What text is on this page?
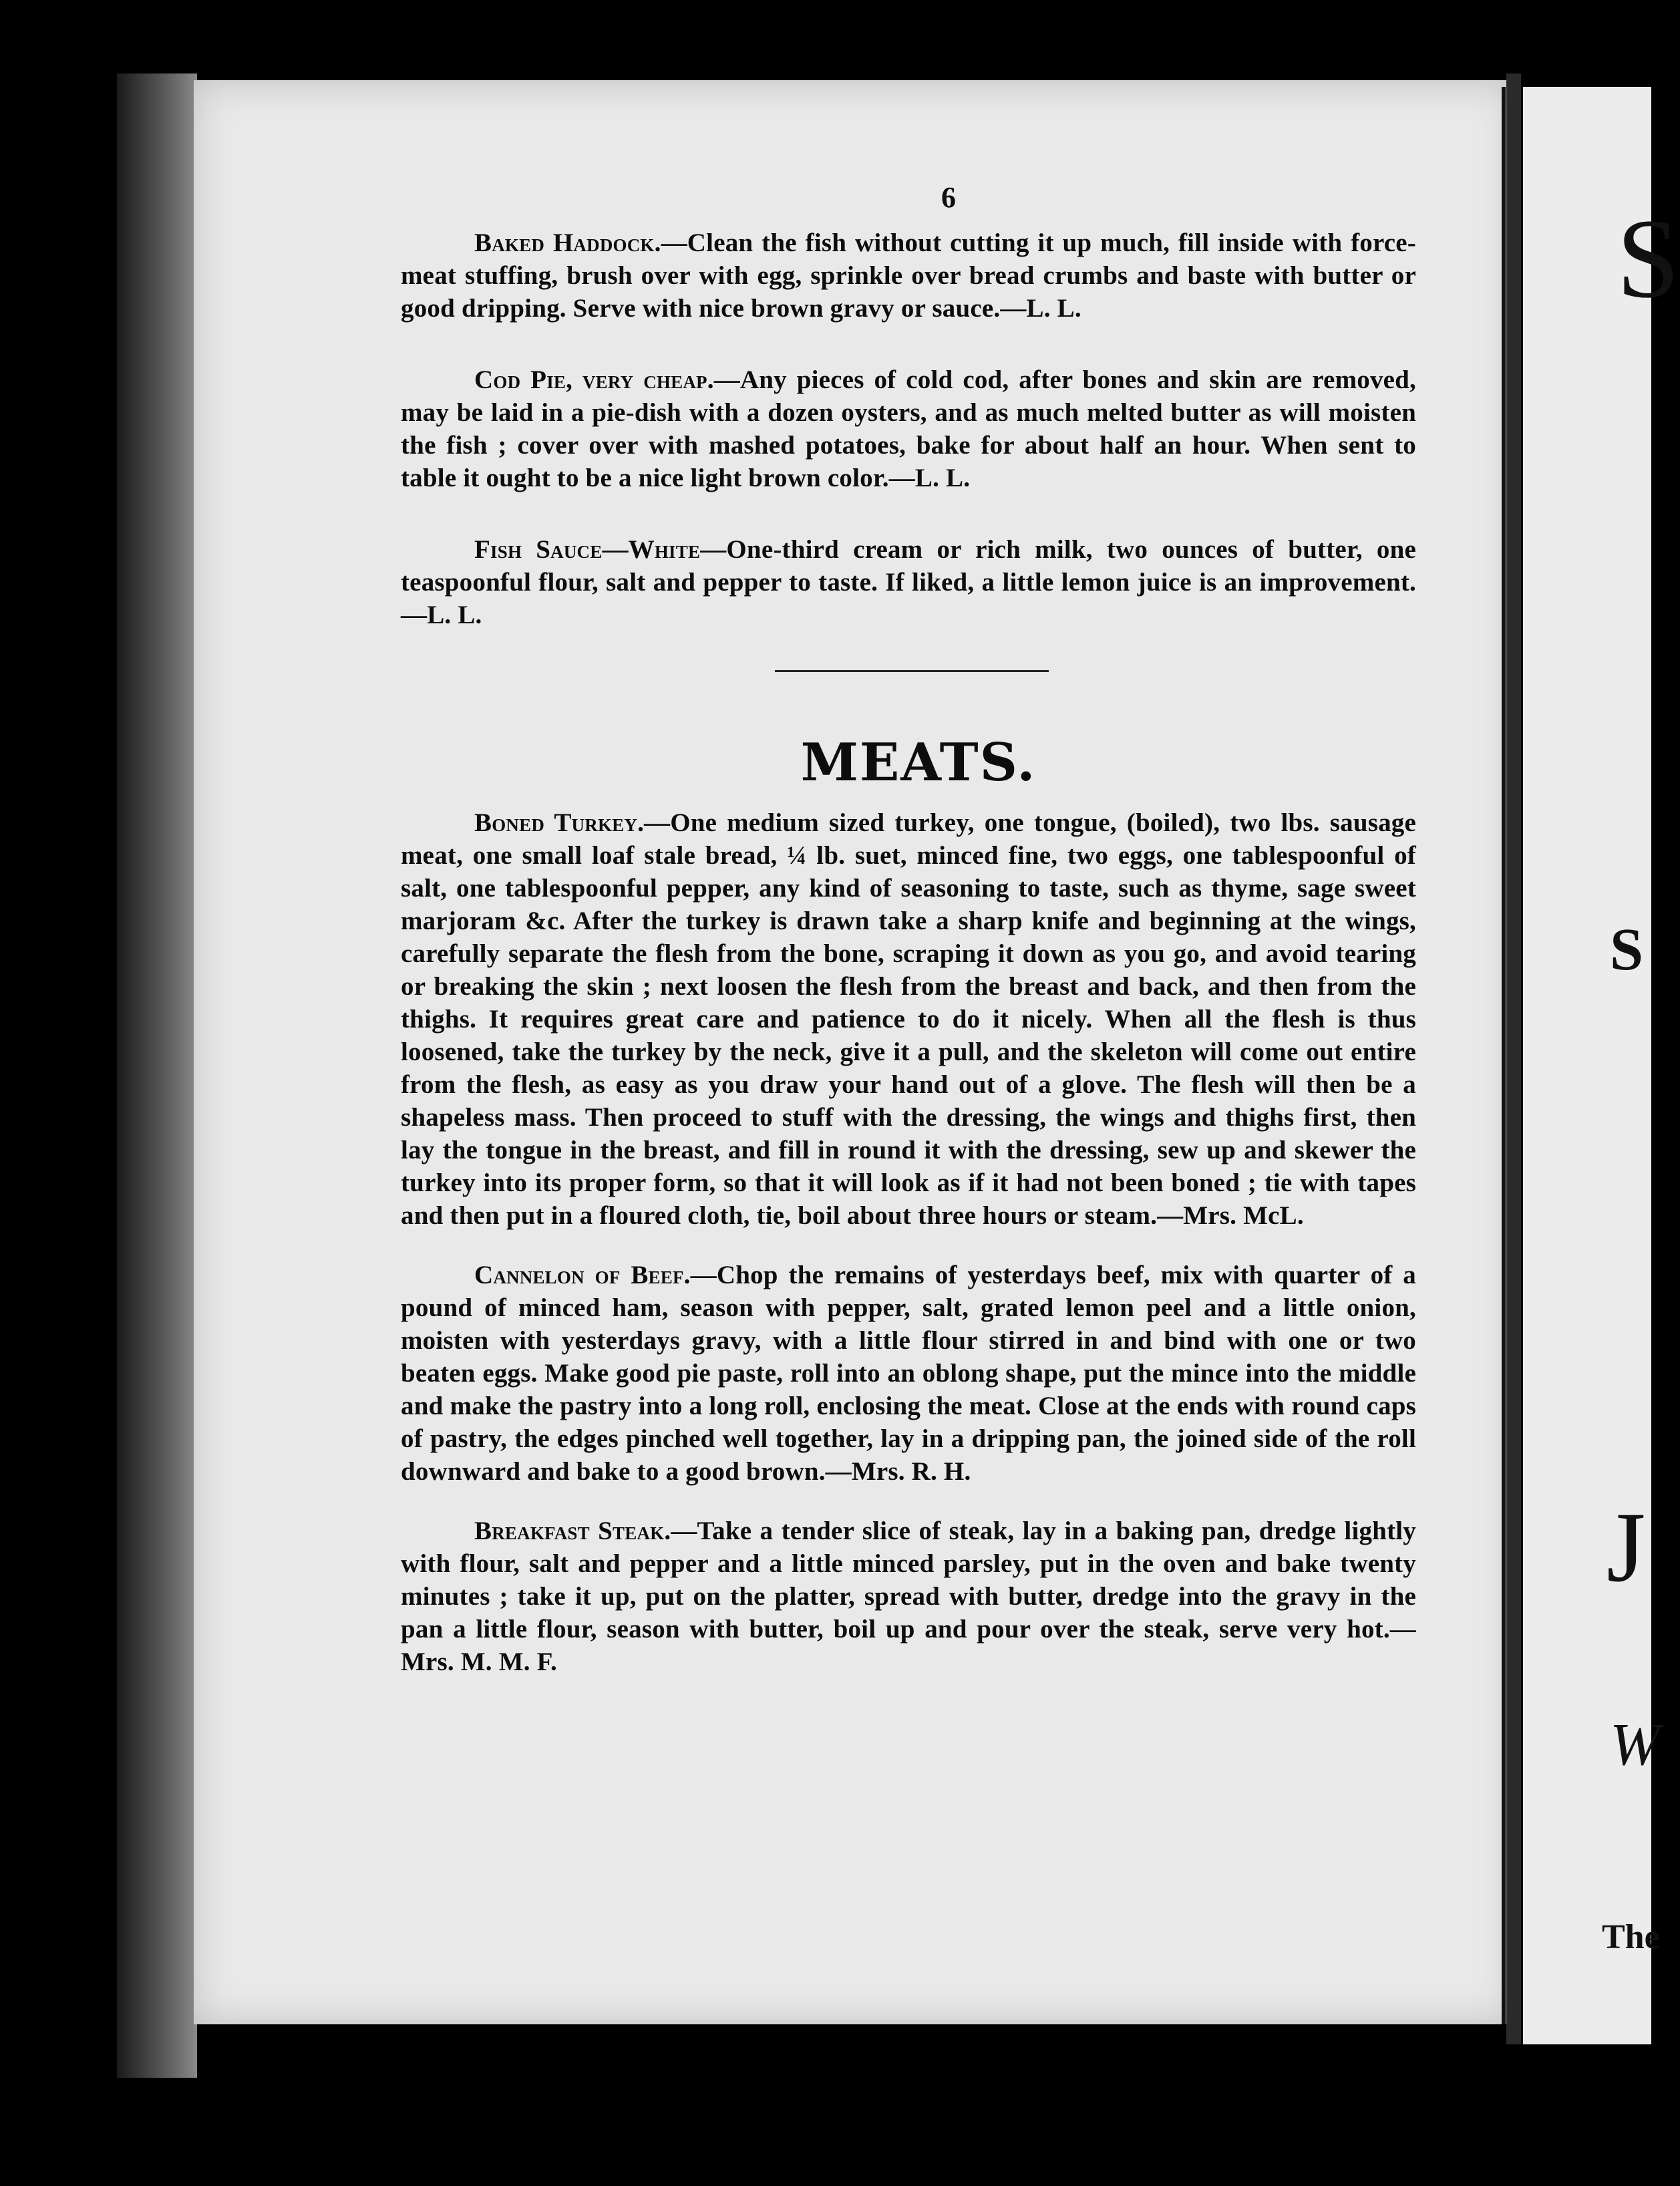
S
S
J
W
The
6

Baked Haddock.—Clean the fish without cutting it up much, fill inside with force-meat stuffing, brush over with egg, sprinkle over bread crumbs and baste with butter or good dripping. Serve with nice brown gravy or sauce.—L. L.

Cod Pie, very cheap.—Any pieces of cold cod, after bones and skin are removed, may be laid in a pie-dish with a dozen oysters, and as much melted butter as will moisten the fish ; cover over with mashed potatoes, bake for about half an hour. When sent to table it ought to be a nice light brown color.—L. L.

Fish Sauce—White—One-third cream or rich milk, two ounces of butter, one teaspoonful flour, salt and pepper to taste. If liked, a little lemon juice is an improvement.—L. L.

MEATS.

Boned Turkey.—One medium sized turkey, one tongue, (boiled), two lbs. sausage meat, one small loaf stale bread, ¼ lb. suet, minced fine, two eggs, one tablespoonful of salt, one tablespoonful pepper, any kind of seasoning to taste, such as thyme, sage sweet marjoram &c. After the turkey is drawn take a sharp knife and beginning at the wings, carefully separate the flesh from the bone, scraping it down as you go, and avoid tearing or breaking the skin ; next loosen the flesh from the breast and back, and then from the thighs. It requires great care and patience to do it nicely. When all the flesh is thus loosened, take the turkey by the neck, give it a pull, and the skeleton will come out entire from the flesh, as easy as you draw your hand out of a glove. The flesh will then be a shapeless mass. Then proceed to stuff with the dressing, the wings and thighs first, then lay the tongue in the breast, and fill in round it with the dressing, sew up and skewer the turkey into its proper form, so that it will look as if it had not been boned ; tie with tapes and then put in a floured cloth, tie, boil about three hours or steam.—Mrs. McL.

Cannelon of Beef.—Chop the remains of yesterdays beef, mix with quarter of a pound of minced ham, season with pepper, salt, grated lemon peel and a little onion, moisten with yesterdays gravy, with a little flour stirred in and bind with one or two beaten eggs. Make good pie paste, roll into an oblong shape, put the mince into the middle and make the pastry into a long roll, enclosing the meat. Close at the ends with round caps of pastry, the edges pinched well together, lay in a dripping pan, the joined side of the roll downward and bake to a good brown.—Mrs. R. H.

Breakfast Steak.—Take a tender slice of steak, lay in a baking pan, dredge lightly with flour, salt and pepper and a little minced parsley, put in the oven and bake twenty minutes ; take it up, put on the platter, spread with butter, dredge into the gravy in the pan a little flour, season with butter, boil up and pour over the steak, serve very hot.—Mrs. M. M. F.
